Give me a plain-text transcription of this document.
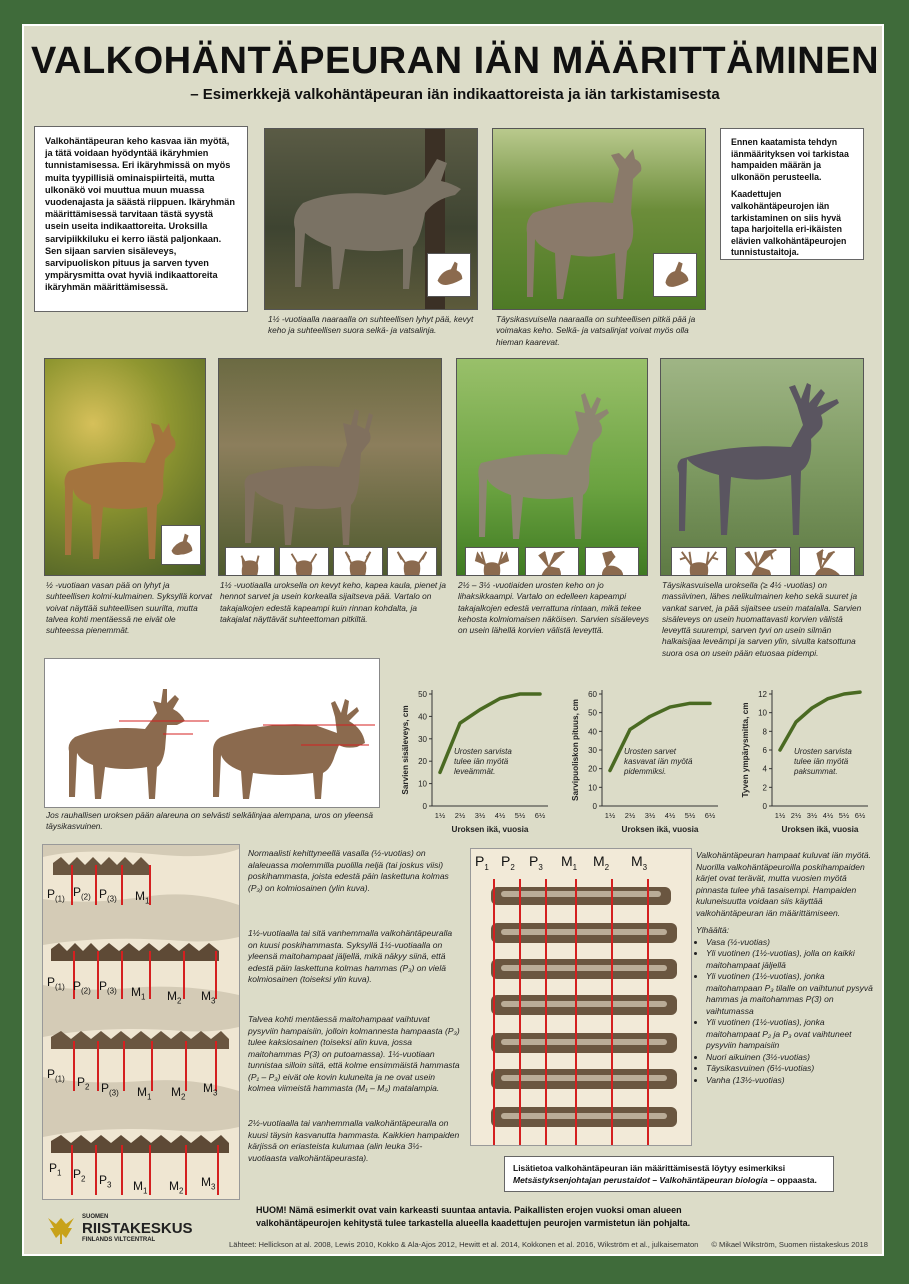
VALKOHÄNTÄPEURAN IÄN MÄÄRITTÄMINEN
– Esimerkkejä valkohäntäpeuran iän indikaattoreista ja iän tarkistamisesta
Valkohäntäpeuran keho kasvaa iän myötä, ja tätä voidaan hyödyntää ikäryhmien tunnistamisessa. Eri ikäryhmissä on myös muita tyypillisiä ominaispiirteitä, mutta ulkonäkö voi muuttua muun muassa vuodenajasta ja säästä riippuen. Ikäryhmän määrittämisessä tarvitaan tästä syystä usein useita indikaattoreita. Uroksilla sarvipiikkiluku ei kerro iästä paljonkaan. Sen sijaan sarvien sisäleveys, sarvipuoliskon pituus ja sarven tyven ympärysmitta ovat hyviä indikaattoreita ikäryhmän määrittämisessä.
1½ -vuotiaalla naaraalla on suhteellisen lyhyt pää, kevyt keho ja suhteellisen suora selkä- ja vatsalinja.
Täysikasvuisella naaraalla on suhteellisen pitkä pää ja voimakas keho. Selkä- ja vatsalinjat voivat myös olla hieman kaarevat.
Ennen kaatamista tehdyn iänmäärityksen voi tarkistaa hampaiden määrän ja ulkonäön perusteella.
Kaadettujen valkohäntäpeurojen iän tarkistaminen on siis hyvä tapa harjoitella eri-ikäisten elävien valkohäntäpeurojen tunnistustaitoja.
½ -vuotiaan vasan pää on lyhyt ja suhteellisen kolmi-kulmainen. Syksyllä korvat voivat näyttää suhteellisen suurilta, mutta talvea kohti mentäessä ne eivät ole suhteessa pienemmät.
1½ -vuotiaalla uroksella on kevyt keho, kapea kaula, pienet ja hennot sarvet ja usein korkealla sijaitseva pää. Vartalo on takajalkojen edestä kapeampi kuin rinnan kohdalta, ja takajalat näyttävät suhteettoman pitkiltä.
2½ – 3½ -vuotiaiden urosten keho on jo lihaksikkaampi. Vartalo on edelleen kapeampi takajalkojen edestä verrattuna rintaan, mikä tekee kehosta kolmiomaisen näköisen. Sarvien sisäleveys on usein lähellä korvien välistä leveyttä.
Täysikasvuisella uroksella (≥ 4½ -vuotias) on massiivinen, lähes nelikulmainen keho sekä suuret ja vankat sarvet, ja pää sijaitsee usein matalalla. Sarvien sisäleveys on usein huomattavasti korvien välistä leveyttä suurempi, sarven tyvi on usein silmän halkaisijaa leveämpi ja sarven ylin, sivulta katsottuna suora osa on usein pään etuosaa pidempi.
Jos rauhallisen uroksen pään alareuna on selvästi selkälinjaa alempana, uros on yleensä täysikasvuinen.
0
10
20
30
40
50
1½ 2½ 3½ 4½ 5½ 6½
Sarvien sisäleveys, cm
Uroksen ikä, vuosia
Urosten sarvista tulee iän myötä leveämmät.
0
10
20
30
40
50
60
1½ 2½ 3½ 4½ 5½ 6½
Sarvipuoliskon pituus, cm
Uroksen ikä, vuosia
Urosten sarvet kasvavat iän myötä pidemmiksi.
0
2
4
6
8
10
12
1½ 2½ 3½ 4½ 5½ 6½
Tyven ympärysmitta, cm
Uroksen ikä, vuosia
Urosten sarvista tulee iän myötä paksummat.
$P_{(1)}$ $P_{(2)}$ $P_{(3)}$ $M_1$
$P_{(1)}$ $P_{(2)}$ $P_{(3)}$ $M_1$ $M_2$ $M_3$
$P_{(1)}$ $P_2$ $P_{(3)}$ $M_1$ $M_2$
$M_3$
$P_1$ $P_2$ $P_3$ $M_1$ $M_2$
$M_3$
Normaalisti kehittyneellä vasalla (½-vuotias) on alaleuassa molemmilla puolilla neljä (tai joskus viisi) poskihammasta, joista edestä päin laskettuna kolmas (P₃) on kolmiosainen (ylin kuva).
1½-vuotiaalla tai sitä vanhemmalla valkohäntäpeuralla on kuusi poskihammasta. Syksyllä 1½-vuotiaalla on yleensä maitohampaat jäljellä, mikä näkyy siinä, että edestä päin laskettuna kolmas hammas (P₃) on vielä kolmiosainen (toiseksi ylin kuva).
Talvea kohti mentäessä maitohampaat vaihtuvat pysyviin hampaisiin, jolloin kolmannesta hampaasta (P₃) tulee kaksiosainen (toiseksi alin kuva, jossa maitohammas P(3) on putoamassa). 1½-vuotiaan tunnistaa silloin siitä, että kolme ensimmäistä hammasta (P₁ – P₃) eivät ole kovin kuluneita ja ne ovat usein kolmea viimeistä hammasta (M₁ – M₃) matalampia.
2½-vuotiaalla tai vanhemmalla valkohäntäpeuralla on kuusi täysin kasvanutta hammasta. Kaikkien hampaiden kärjissä on eriasteista kulumaa (alin leuka 3½-vuotiaasta valkohäntäpeurasta).
$P_1$ $P_2$ $P_3$ $M_1$ $M_2$ $M_3$
Valkohäntäpeuran hampaat kuluvat iän myötä. Nuorilla valkohäntäpeuroilla poskihampaiden kärjet ovat terävät, mutta vuosien myötä pinnasta tulee yhä tasaisempi. Hampaiden kuluneisuutta voidaan siis käyttää valkohäntäpeuran iän määrittämiseen.
Ylhäältä:
• Vasa (½-vuotias)
• Yli vuotinen (1½-vuotias), jolla on kaikki maitohampaat jäljellä
• Yli vuotinen (1½-vuotias), jonka maitohampaan P₃ tilalle on vaihtunut pysyvä hammas ja maitohammas P(3) on vaihtumassa
• Yli vuotinen (1½-vuotias), jonka maitohampaat P₂ ja P₃ ovat vaihtuneet pysyviin hampaisiin
• Nuori aikuinen (3½-vuotias)
• Täysikasvuinen (6½-vuotias)
• Vanha (13½-vuotias)
Lisätietoa valkohäntäpeuran iän määrittämisestä löytyy esimerkiksi
Metsästyksenjohtajan perustaidot – Valkohäntäpeuran biologia – oppaasta.
SUOMEN
RIISTAKESKUS
FINLANDS VILTCENTRAL
HUOM! Nämä esimerkit ovat vain karkeasti suuntaa antavia. Paikallisten erojen vuoksi oman alueen valkohäntäpeurojen kehitystä tulee tarkastella alueella kaadettujen peurojen varmistetun iän pohjalta.
Lähteet: Hellickson at al. 2008, Lewis 2010, Kokko & Ala-Ajos 2012, Hewitt et al. 2014, Kokkonen et al. 2016, Wikström et al., julkaisematon © Mikael Wikström, Suomen riistakeskus 2018
